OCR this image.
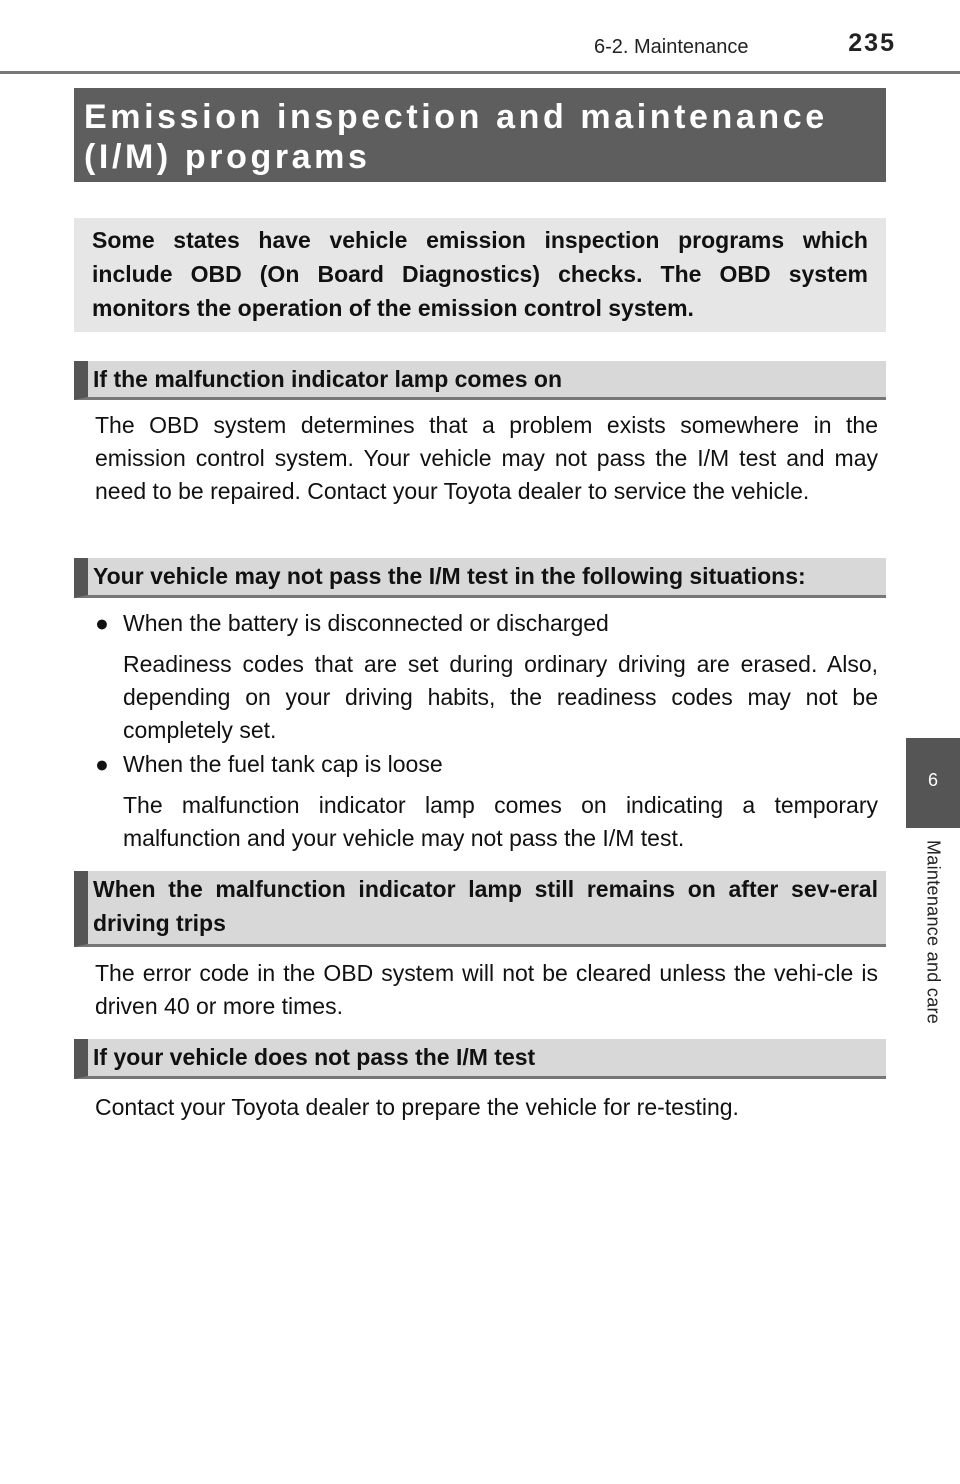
6-2. Maintenance	235
6
Maintenance and care
Emission inspection and maintenance (I/M) programs
Some states have vehicle emission inspection programs which include OBD (On Board Diagnostics) checks. The OBD system monitors the operation of the emission control system.
If the malfunction indicator lamp comes on
The OBD system determines that a problem exists somewhere in the emission control system. Your vehicle may not pass the I/M test and may need to be repaired. Contact your Toyota dealer to service the vehicle.
Your vehicle may not pass the I/M test in the following situations:
● When the battery is disconnected or discharged
Readiness codes that are set during ordinary driving are erased. Also, depending on your driving habits, the readiness codes may not be completely set.
● When the fuel tank cap is loose
The malfunction indicator lamp comes on indicating a temporary malfunction and your vehicle may not pass the I/M test.
When the malfunction indicator lamp still remains on after sev-eral driving trips
The error code in the OBD system will not be cleared unless the vehi-cle is driven 40 or more times.
If your vehicle does not pass the I/M test
Contact your Toyota dealer to prepare the vehicle for re-testing.
